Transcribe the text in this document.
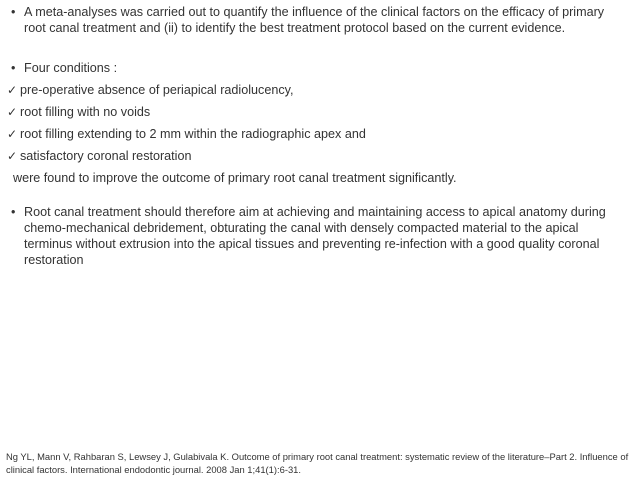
• A meta-analyses was carried out to quantify the influence of the clinical factors on the efficacy of primary root canal treatment and (ii) to identify the best treatment protocol based on the current evidence.
• Four conditions :
✓ pre-operative absence of periapical radiolucency,
✓ root filling with no voids
✓ root filling extending to 2 mm within the radiographic apex and
✓ satisfactory coronal restoration
were found to improve the outcome of primary root canal treatment significantly.
• Root canal treatment should therefore aim at achieving and maintaining access to apical anatomy during chemo-mechanical debridement, obturating the canal with densely compacted material to the apical terminus without extrusion into the apical tissues and preventing re-infection with a good quality coronal restoration
Ng YL, Mann V, Rahbaran S, Lewsey J, Gulabivala K. Outcome of primary root canal treatment: systematic review of the literature–Part 2. Influence of clinical factors. International endodontic journal. 2008 Jan 1;41(1):6-31.
